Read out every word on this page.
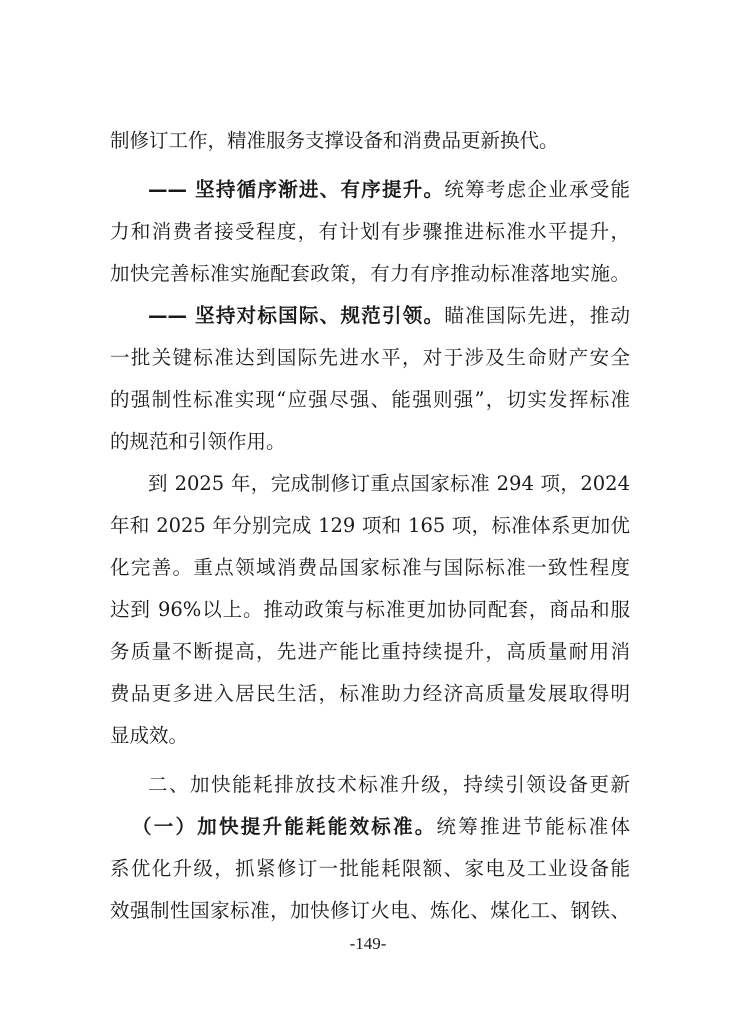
制修订工作，精准服务支撑设备和消费品更新换代。
—— 坚持循序渐进、有序提升。统筹考虑企业承受能
力和消费者接受程度，有计划有步骤推进标准水平提升，
加快完善标准实施配套政策，有力有序推动标准落地实施。
—— 坚持对标国际、规范引领。瞄准国际先进，推动
一批关键标准达到国际先进水平，对于涉及生命财产安全
的强制性标准实现“应强尽强、能强则强”，切实发挥标准
的规范和引领作用。
到 2025 年，完成制修订重点国家标准 294 项，2024
年和 2025 年分别完成 129 项和 165 项，标准体系更加优
化完善。重点领域消费品国家标准与国际标准一致性程度
达到 96%以上。推动政策与标准更加协同配套，商品和服
务质量不断提高，先进产能比重持续提升，高质量耐用消
费品更多进入居民生活，标准助力经济高质量发展取得明
显成效。
二、加快能耗排放技术标准升级，持续引领设备更新
（一）加快提升能耗能效标准。统筹推进节能标准体
系优化升级，抓紧修订一批能耗限额、家电及工业设备能
效强制性国家标准，加快修订火电、炼化、煤化工、钢铁、
-149-
